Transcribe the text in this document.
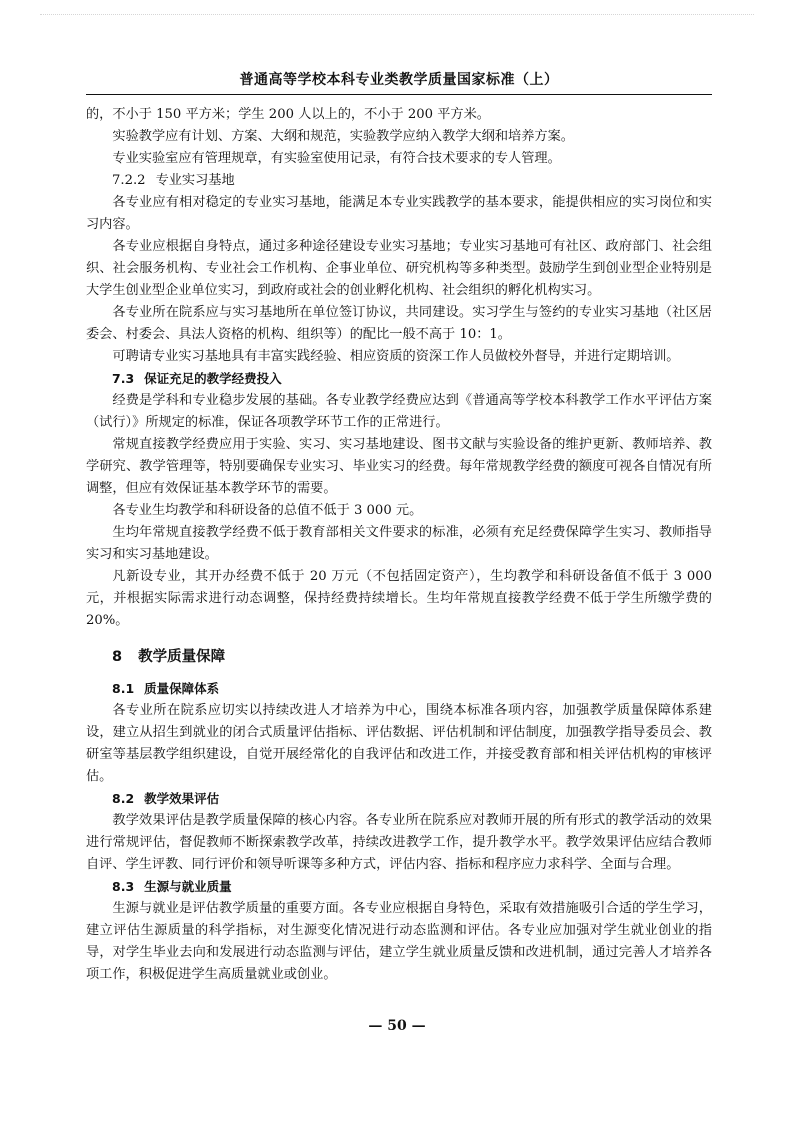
普通高等学校本科专业类教学质量国家标准（上）

的，不小于 150 平方米；学生 200 人以上的，不小于 200 平方米。

实验教学应有计划、方案、大纲和规范，实验教学应纳入教学大纲和培养方案。

专业实验室应有管理规章，有实验室使用记录，有符合技术要求的专人管理。

7.2.2 专业实习基地

各专业应有相对稳定的专业实习基地，能满足本专业实践教学的基本要求，能提供相应的实习岗位和实习内容。

各专业应根据自身特点，通过多种途径建设专业实习基地；专业实习基地可有社区、政府部门、社会组织、社会服务机构、专业社会工作机构、企事业单位、研究机构等多种类型。鼓励学生到创业型企业特别是大学生创业型企业单位实习，到政府或社会的创业孵化机构、社会组织的孵化机构实习。

各专业所在院系应与实习基地所在单位签订协议，共同建设。实习学生与签约的专业实习基地（社区居委会、村委会、具法人资格的机构、组织等）的配比一般不高于 10：1。

可聘请专业实习基地具有丰富实践经验、相应资质的资深工作人员做校外督导，并进行定期培训。

7.3 保证充足的教学经费投入

经费是学科和专业稳步发展的基础。各专业教学经费应达到《普通高等学校本科教学工作水平评估方案（试行）》所规定的标准，保证各项教学环节工作的正常进行。

常规直接教学经费应用于实验、实习、实习基地建设、图书文献与实验设备的维护更新、教师培养、教学研究、教学管理等，特别要确保专业实习、毕业实习的经费。每年常规教学经费的额度可视各自情况有所调整，但应有效保证基本教学环节的需要。

各专业生均教学和科研设备的总值不低于 3 000 元。

生均年常规直接教学经费不低于教育部相关文件要求的标准，必须有充足经费保障学生实习、教师指导实习和实习基地建设。

凡新设专业，其开办经费不低于 20 万元（不包括固定资产），生均教学和科研设备值不低于 3 000 元，并根据实际需求进行动态调整，保持经费持续增长。生均年常规直接教学经费不低于学生所缴学费的 20%。

8 教学质量保障
8.1 质量保障体系

各专业所在院系应切实以持续改进人才培养为中心，围绕本标准各项内容，加强教学质量保障体系建设，建立从招生到就业的闭合式质量评估指标、评估数据、评估机制和评估制度，加强教学指导委员会、教研室等基层教学组织建设，自觉开展经常化的自我评估和改进工作，并接受教育部和相关评估机构的审核评估。

8.2 教学效果评估

教学效果评估是教学质量保障的核心内容。各专业所在院系应对教师开展的所有形式的教学活动的效果进行常规评估，督促教师不断探索教学改革，持续改进教学工作，提升教学水平。教学效果评估应结合教师自评、学生评教、同行评价和领导听课等多种方式，评估内容、指标和程序应力求科学、全面与合理。

8.3 生源与就业质量

生源与就业是评估教学质量的重要方面。各专业应根据自身特色，采取有效措施吸引合适的学生学习，建立评估生源质量的科学指标，对生源变化情况进行动态监测和评估。各专业应加强对学生就业创业的指导，对学生毕业去向和发展进行动态监测与评估，建立学生就业质量反馈和改进机制，通过完善人才培养各项工作，积极促进学生高质量就业或创业。

— 50 —
